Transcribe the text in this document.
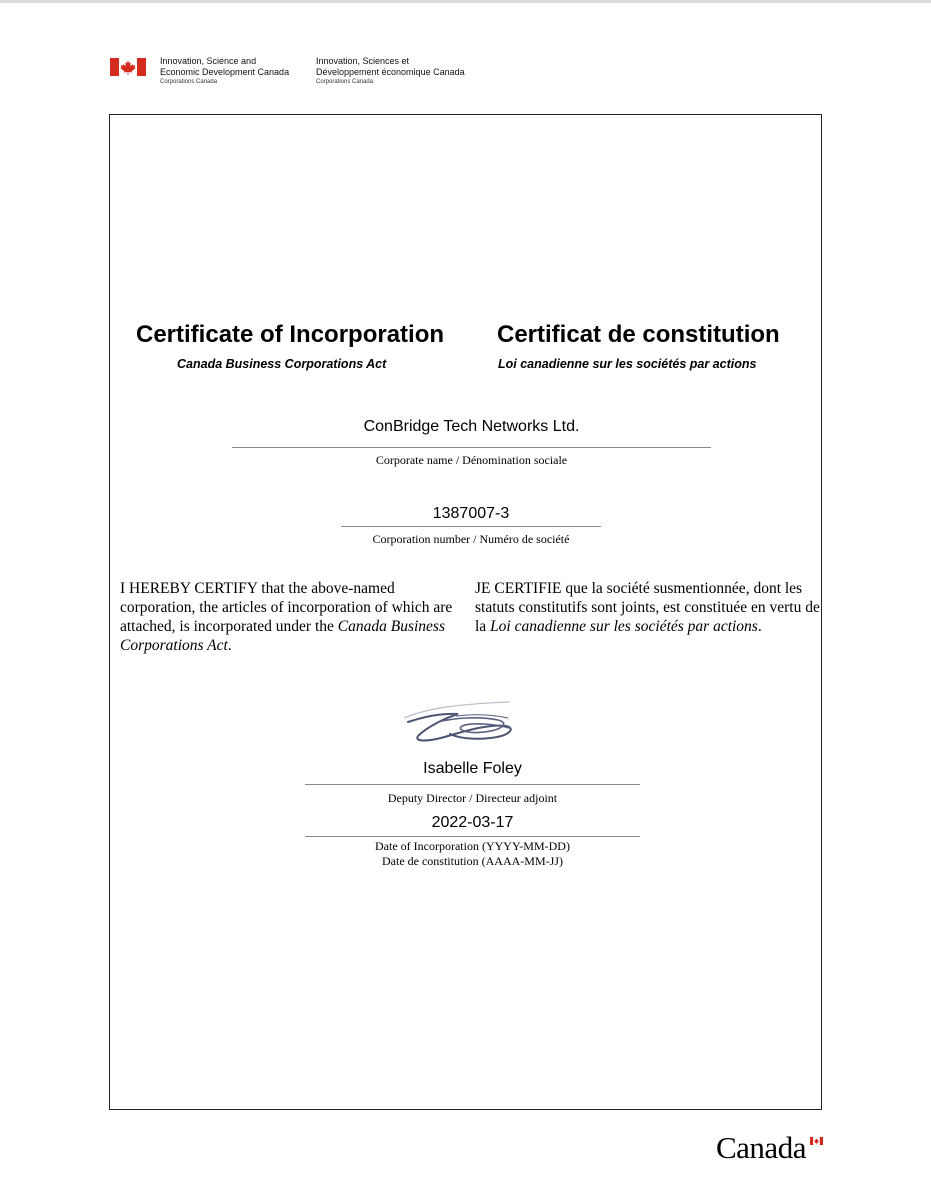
Innovation, Science and
Economic Development Canada
Corporations Canada
Innovation, Sciences et
Développement économique Canada
Corporations Canada
Certificate of Incorporation Certificat de constitution
Canada Business Corporations Act	Loi canadienne sur les sociétés par actions
ConBridge Tech Networks Ltd.
Corporate name / Dénomination sociale
1387007-3
Corporation number / Numéro de société
I HEREBY CERTIFY that the above-named corporation, the articles of incorporation of which are attached, is incorporated under the Canada Business Corporations Act.
JE CERTIFIE que la société susmentionnée, dont les statuts constitutifs sont joints, est constituée en vertu de la Loi canadienne sur les sociétés par actions.
Isabelle Foley
Deputy Director / Directeur adjoint
2022-03-17
Date of Incorporation (YYYY-MM-DD)
Date de constitution (AAAA-MM-JJ)
Canada
